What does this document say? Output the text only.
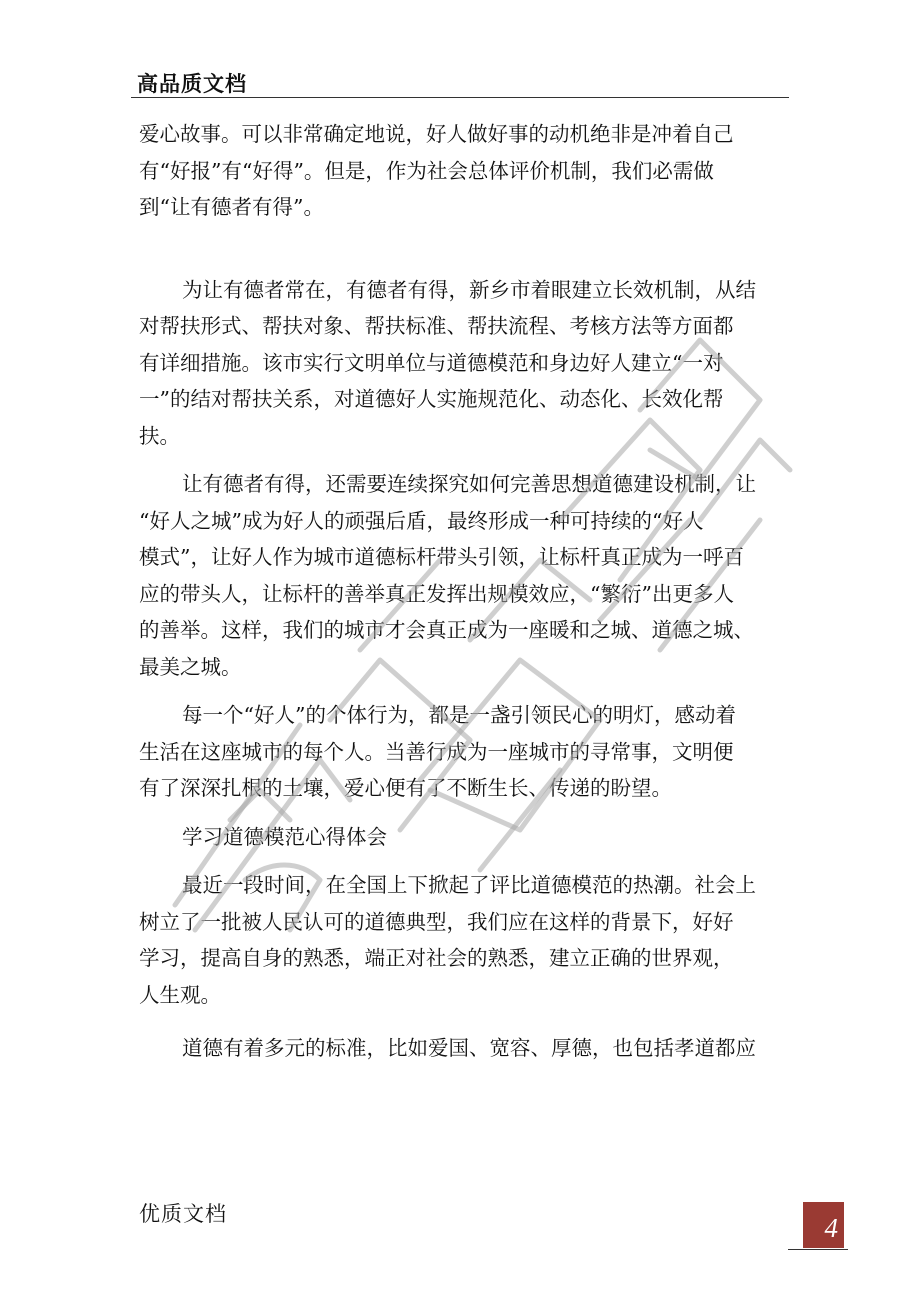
高品质文档
爱心故事。可以非常确定地说，好人做好事的动机绝非是冲着自己
有“好报”有“好得”。但是，作为社会总体评价机制，我们必需做
到“让有德者有得”。
为让有德者常在，有德者有得，新乡市着眼建立长效机制，从结
对帮扶形式、帮扶对象、帮扶标准、帮扶流程、考核方法等方面都
有详细措施。该市实行文明单位与道德模范和身边好人建立“一对
一”的结对帮扶关系，对道德好人实施规范化、动态化、长效化帮
扶。
让有德者有得，还需要连续探究如何完善思想道德建设机制，让
“好人之城”成为好人的顽强后盾，最终形成一种可持续的“好人
模式”，让好人作为城市道德标杆带头引领，让标杆真正成为一呼百
应的带头人，让标杆的善举真正发挥出规模效应，“繁衍”出更多人
的善举。这样，我们的城市才会真正成为一座暖和之城、道德之城、
最美之城。
每一个“好人”的个体行为，都是一盏引领民心的明灯，感动着
生活在这座城市的每个人。当善行成为一座城市的寻常事，文明便
有了深深扎根的土壤，爱心便有了不断生长、传递的盼望。
学习道德模范心得体会
最近一段时间，在全国上下掀起了评比道德模范的热潮。社会上
树立了一批被人民认可的道德典型，我们应在这样的背景下，好好
学习，提高自身的熟悉，端正对社会的熟悉，建立正确的世界观，
人生观。
道德有着多元的标准，比如爱国、宽容、厚德，也包括孝道都应
优质文档	4
